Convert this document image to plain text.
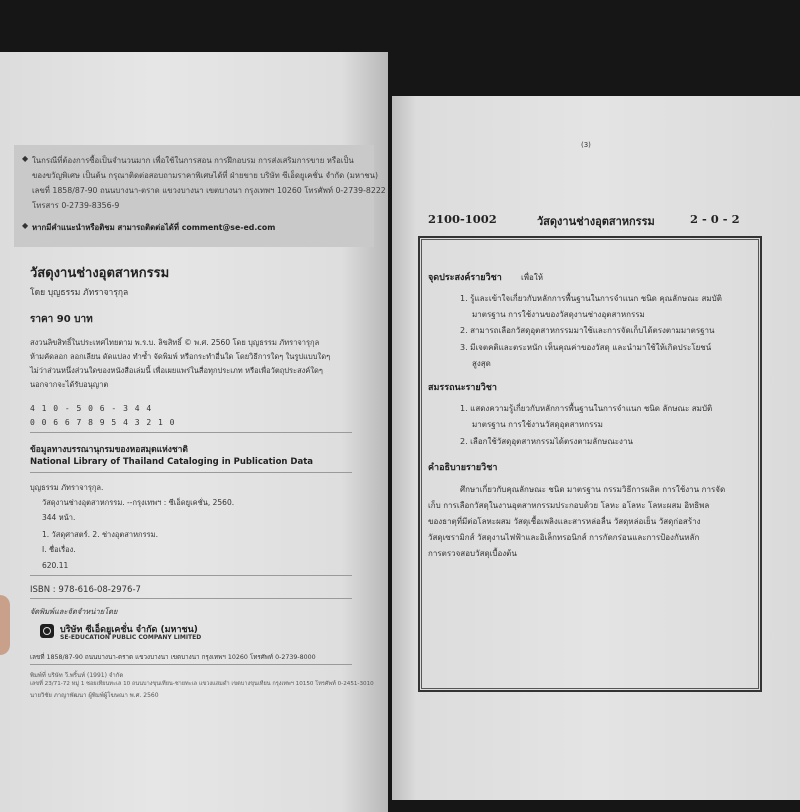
◆ ในกรณีที่ต้องการซื้อเป็นจำนวนมาก เพื่อใช้ในการสอน การฝึกอบรม การส่งเสริมการขาย หรือเป็น
ของขวัญพิเศษ เป็นต้น กรุณาติดต่อสอบถามราคาพิเศษได้ที่ ฝ่ายขาย บริษัท ซีเอ็ดยูเคชั่น จำกัด (มหาชน)
เลขที่ 1858/87-90 ถนนบางนา-ตราด แขวงบางนา เขตบางนา กรุงเทพฯ 10260 โทรศัพท์ 0-2739-8222
โทรสาร 0-2739-8356-9
◆ หากมีคำแนะนำหรือติชม สามารถติดต่อได้ที่ comment@se-ed.com
วัสดุงานช่างอุตสาหกรรม
โดย บุญธรรม ภัทราจารุกุล
ราคา 90 บาท
สงวนลิขสิทธิ์ในประเทศไทยตาม พ.ร.บ. ลิขสิทธิ์ © พ.ศ. 2560 โดย บุญธรรม ภัทราจารุกุล
ห้ามคัดลอก ลอกเลียน ดัดแปลง ทำซ้ำ จัดพิมพ์ หรือกระทำอื่นใด โดยวิธีการใดๆ ในรูปแบบใดๆ
ไม่ว่าส่วนหนึ่งส่วนใดของหนังสือเล่มนี้ เพื่อเผยแพร่ในสื่อทุกประเภท หรือเพื่อวัตถุประสงค์ใดๆ
นอกจากจะได้รับอนุญาต
4 1 0 - 5 0 6 - 3 4 4
0 0 6 6 7 8 9 5 4 3 2 1 0
ข้อมูลทางบรรณานุกรมของหอสมุดแห่งชาติ
National Library of Thailand Cataloging in Publication Data
บุญธรรม ภัทราจารุกุล.
วัสดุงานช่างอุตสาหกรรม. --กรุงเทพฯ : ซีเอ็ดยูเคชั่น, 2560.
344 หน้า.
1. วัสดุศาสตร์. 2. ช่างอุตสาหกรรม.
I. ชื่อเรื่อง.
620.11
ISBN : 978-616-08-2976-7
จัดพิมพ์และจัดจำหน่ายโดย
บริษัท ซีเอ็ดยูเคชั่น จำกัด (มหาชน)
SE-EDUCATION PUBLIC COMPANY LIMITED
เลขที่ 1858/87-90 ถนนบางนา-ตราด แขวงบางนา เขตบางนา กรุงเทพฯ 10260 โทรศัพท์ 0-2739-8000
พิมพ์ที่ บริษัท วี.พริ้นท์ (1991) จำกัด
เลขที่ 23/71-72 หมู่ 1 ซอยเทียนทะเล 10 ถนนบางขุนเทียน-ชายทะเล แขวงแสมดำ เขตบางขุนเทียน กรุงเทพฯ 10150 โทรศัพท์ 0-2451-3010
นายวิชัย ภาญาพัฒนา ผู้พิมพ์ผู้โฆษณา พ.ศ. 2560
(3)
2100-1002	วัสดุงานช่างอุตสาหกรรม	2 - 0 - 2
จุดประสงค์รายวิชา เพื่อให้
1. รู้และเข้าใจเกี่ยวกับหลักการพื้นฐานในการจำแนก ชนิด คุณลักษณะ สมบัติ
มาตรฐาน การใช้งานของวัสดุงานช่างอุตสาหกรรม
2. สามารถเลือกวัสดุอุตสาหกรรมมาใช้และการจัดเก็บได้ตรงตามมาตรฐาน
3. มีเจตคติและตระหนัก เห็นคุณค่าของวัสดุ และนำมาใช้ให้เกิดประโยชน์
สูงสุด
สมรรถนะรายวิชา
1. แสดงความรู้เกี่ยวกับหลักการพื้นฐานในการจำแนก ชนิด ลักษณะ สมบัติ
มาตรฐาน การใช้งานวัสดุอุตสาหกรรม
2. เลือกใช้วัสดุอุตสาหกรรมได้ตรงตามลักษณะงาน
คำอธิบายรายวิชา
ศึกษาเกี่ยวกับคุณลักษณะ ชนิด มาตรฐาน กรรมวิธีการผลิต การใช้งาน การจัด
เก็บ การเลือกวัสดุในงานอุตสาหกรรมประกอบด้วย โลหะ อโลหะ โลหะผสม อิทธิพล
ของธาตุที่มีต่อโลหะผสม วัสดุเชื้อเพลิงและสารหล่อลื่น วัสดุหล่อเย็น วัสดุก่อสร้าง
วัสดุเซรามิกส์ วัสดุงานไฟฟ้าและอิเล็กทรอนิกส์ การกัดกร่อนและการป้องกันหลัก
การตรวจสอบวัสดุเบื้องต้น
